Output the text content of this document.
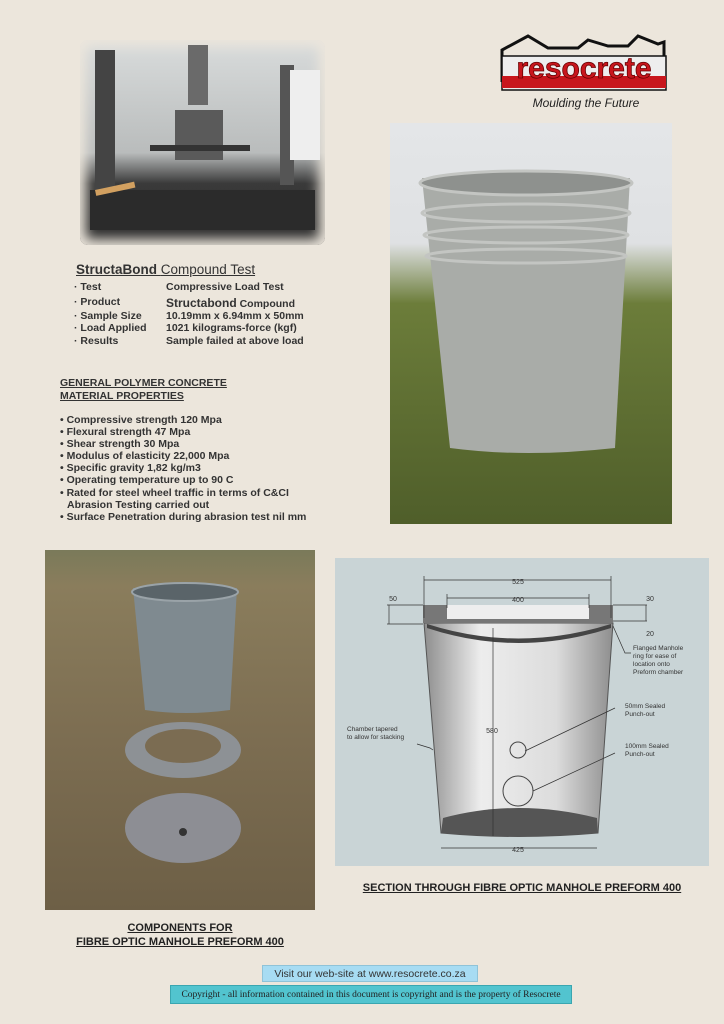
resocrete
Moulding the Future
StructaBond Compound Test
· Test	Compressive Load Test
· Product	Structabond Compound
· Sample Size	10.19mm x 6.94mm x 50mm
· Load Applied	1021 kilograms-force (kgf)
· Results	Sample failed at above load
GENERAL POLYMER CONCRETE
MATERIAL PROPERTIES
• Compressive strength 120 Mpa
• Flexural strength 47 Mpa
• Shear strength 30 Mpa
• Modulus of elasticity 22,000 Mpa
• Specific gravity 1,82 kg/m3
• Operating temperature up to 90 C
• Rated for steel wheel traffic in terms of C&CI
Abrasion Testing carried out
• Surface Penetration during abrasion test nil mm
525
400
50	30
20
580
425
Flanged Manhole
ring for ease of
location onto
Preform chamber
50mm Sealed
Punch-out
100mm Sealed
Punch-out
Chamber tapered
to allow for stacking
SECTION THROUGH FIBRE OPTIC MANHOLE PREFORM 400
COMPONENTS FOR
FIBRE OPTIC MANHOLE PREFORM 400
Visit our web-site at www.resocrete.co.za
Copyright - all information contained in this document is copyright and is the property of Resocrete
